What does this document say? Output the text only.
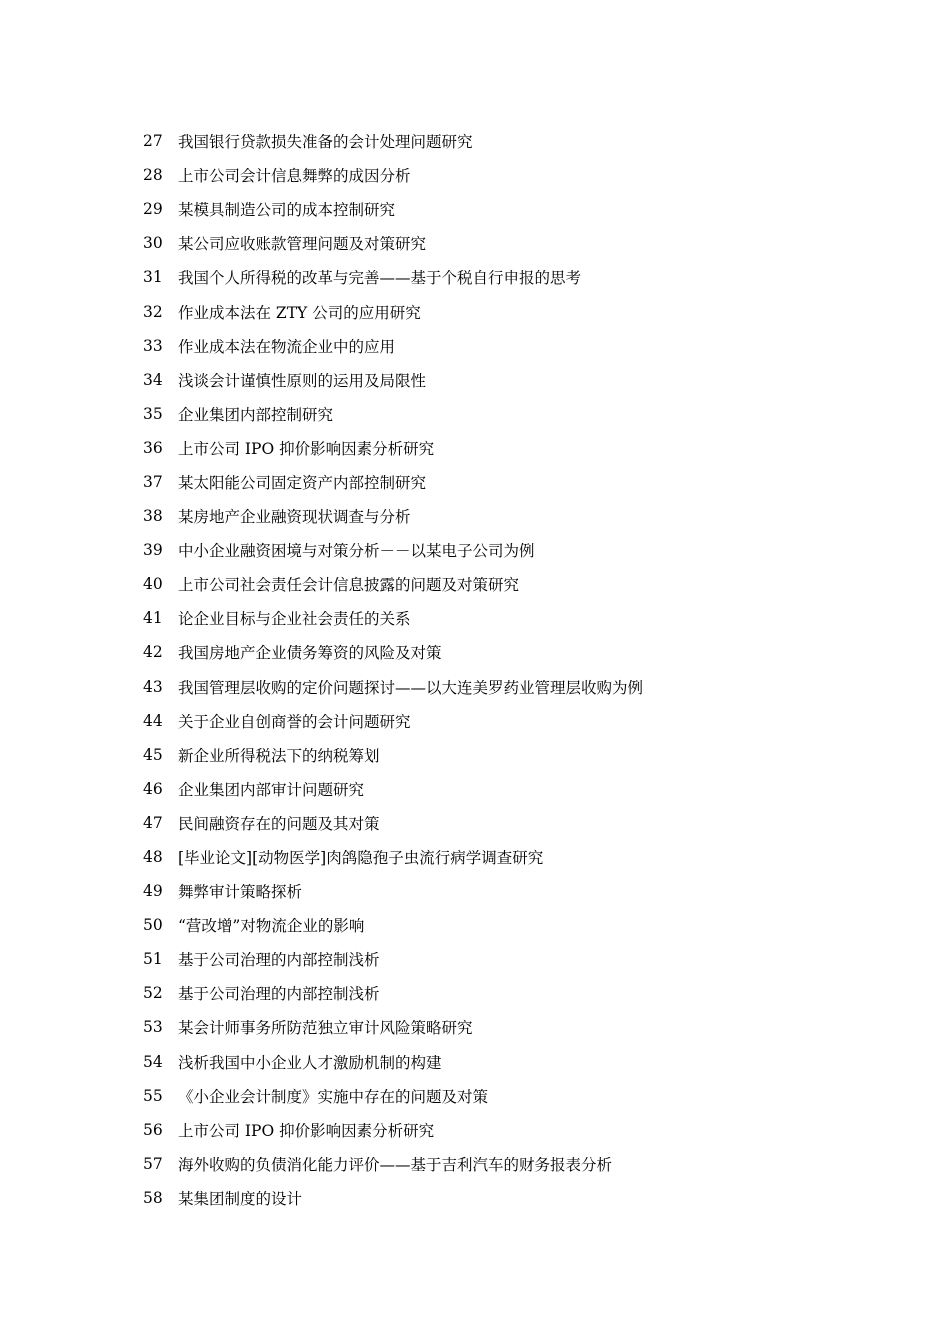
27 我国银行贷款损失准备的会计处理问题研究
28 上市公司会计信息舞弊的成因分析
29 某模具制造公司的成本控制研究
30 某公司应收账款管理问题及对策研究
31 我国个人所得税的改革与完善——基于个税自行申报的思考
32 作业成本法在 ZTY 公司的应用研究
33 作业成本法在物流企业中的应用
34 浅谈会计谨慎性原则的运用及局限性
35 企业集团内部控制研究
36 上市公司 IPO 抑价影响因素分析研究
37 某太阳能公司固定资产内部控制研究
38 某房地产企业融资现状调查与分析
39 中小企业融资困境与对策分析－－以某电子公司为例
40 上市公司社会责任会计信息披露的问题及对策研究
41 论企业目标与企业社会责任的关系
42 我国房地产企业债务筹资的风险及对策
43 我国管理层收购的定价问题探讨——以大连美罗药业管理层收购为例
44 关于企业自创商誉的会计问题研究
45 新企业所得税法下的纳税筹划
46 企业集团内部审计问题研究
47 民间融资存在的问题及其对策
48 [毕业论文][动物医学]肉鸽隐孢子虫流行病学调查研究
49 舞弊审计策略探析
50 “营改增”对物流企业的影响
51 基于公司治理的内部控制浅析
52 基于公司治理的内部控制浅析
53 某会计师事务所防范独立审计风险策略研究
54 浅析我国中小企业人才激励机制的构建
55 《小企业会计制度》实施中存在的问题及对策
56 上市公司 IPO 抑价影响因素分析研究
57 海外收购的负债消化能力评价——基于吉利汽车的财务报表分析
58 某集团制度的设计
